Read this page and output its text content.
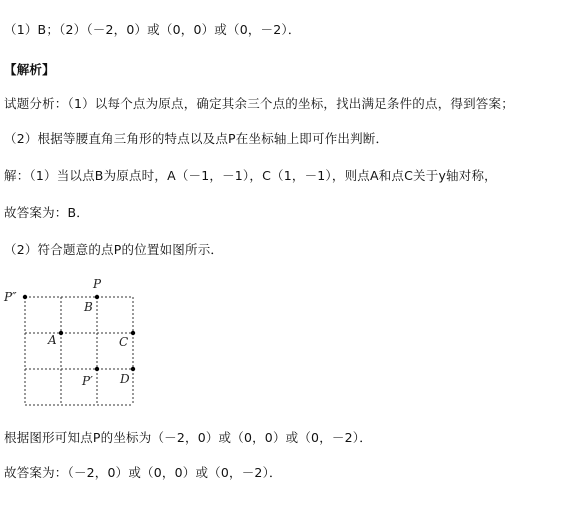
（1）B；（2）（－2，0）或（0，0）或（0，－2）．
【解析】
试题分析：（1）以每个点为原点，确定其余三个点的坐标，找出满足条件的点，得到答案；
（2）根据等腰直角三角形的特点以及点P在坐标轴上即可作出判断．
解：（1）当以点B为原点时，A（－1，－1），C（1，－1），则点A和点C关于y轴对称，
故答案为：B．
（2）符合题意的点P的位置如图所示．
P″
P
B
A	C
P′ D
根据图形可知点P的坐标为（－2，0）或（0，0）或（0，－2）．
故答案为：（－2，0）或（0，0）或（0，－2）．
